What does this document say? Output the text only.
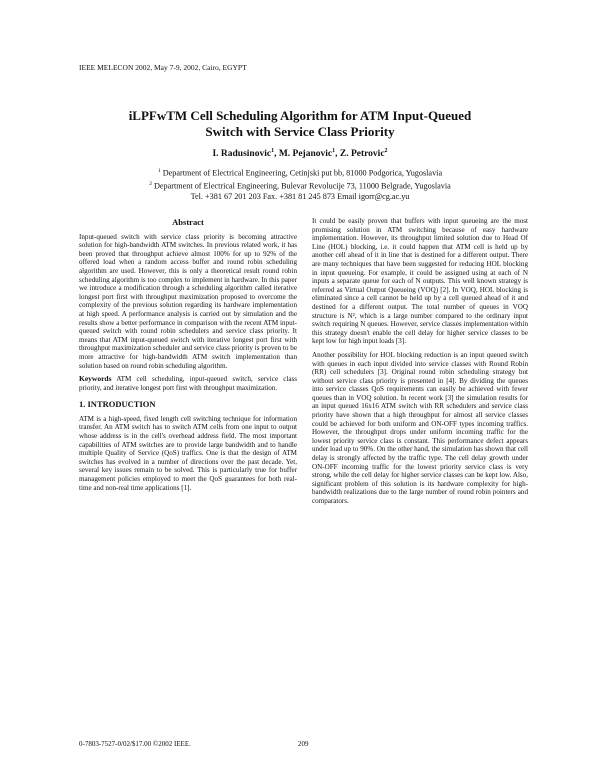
IEEE MELECON 2002, May 7-9, 2002, Cairo, EGYPT
iLPFwTM Cell Scheduling Algorithm for ATM Input-Queued
Switch with Service Class Priority
I. Radusinovic$^1$, M. Pejanovic$^1$, Z. Petrovic$^2$
$^1$ Department of Electrical Engineering, Cetinjski put bb, 81000 Podgorica, Yugoslavia
$^2$ Department of Electrical Engineering, Bulevar Revolucije 73, 11000 Belgrade, Yugoslavia
Tel. +381 67 201 203 Fax. +381 81 245 873 Email igorr@cg.ac.yu
Abstract

Input-queued switch with service class priority is becoming attractive solution for high-bandwidth ATM switches. In previous related work, it has been proved that throughput achieve almost 100% for up to 92% of the offered load when a random access buffer and round robin scheduling algorithm are used. However, this is only a theoretical result round robin scheduling algorithm is too complex to implement in hardware. In this paper we introduce a modification through a scheduling algorithm called iterative longest port first with throughput maximization proposed to overcome the complexity of the previous solution regarding its hardware implementation at high speed. A performance analysis is carried out by simulation and the results show a better performance in comparison with the recent ATM input-queued switch with round robin schedulers and service class priority. It means that ATM input-queued switch with iterative longest port first with throughput maximization scheduler and service class priority is proven to be more attractive for high-bandwidth ATM switch implementation than solution based on round robin scheduling algorithm.

Keywords ATM cell scheduling, input-queued switch, service class priority, and iterative longest port first with throughput maximization.

1. INTRODUCTION

ATM is a high-speed, fixed length cell switching technique for information transfer. An ATM switch has to switch ATM cells from one input to output whose address is in the cell's overhead address field. The most important capabilities of ATM switches are to provide large bandwidth and to handle multiple Quality of Service (QoS) traffics. One is that the design of ATM switches has evolved in a number of directions over the past decade. Yet, several key issues remain to be solved. This is particularly true for buffer management policies employed to meet the QoS guarantees for both real-time and non-real time applications [1].

It could be easily proven that buffers with input queueing are the most promising solution in ATM switching because of easy hardware implementation. However, its throughput limited solution due to Head Of Line (HOL) blocking, i.e. it could happen that ATM cell is held up by another cell ahead of it in line that is destined for a different output. There are many techniques that have been suggested for reducing HOL blocking in input queueing. For example, it could be assigned using at each of N inputs a separate queue for each of N outputs. This well known strategy is referred as Virtual Output Queueing (VOQ) [2]. In VOQ, HOL blocking is eliminated since a cell cannot be held up by a cell queued ahead of it and destined for a different output. The total number of queues in VOQ structure is N², which is a large number compared to the ordinary input switch requiring N queues. However, service classes implementation within this strategy doesn't enable the cell delay for higher service classes to be kept low for high input loads [3].

Another possibility for HOL blocking reduction is an input queued switch with queues in each input divided into service classes with Round Robin (RR) cell schedulers [3]. Original round robin scheduling strategy but without service class priority is presented in [4]. By dividing the queues into service classes QoS requirements can easily be achieved with fewer queues than in VOQ solution. In recent work [3] the simulation results for an input queued 16x16 ATM switch with RR schedulers and service class priority have shown that a high throughput for almost all service classes could be achieved for both uniform and ON-OFF types incoming traffics. However, the throughput drops under uniform incoming traffic for the lowest priority service class is constant. This performance defect appears under load up to 90%. On the other hand, the simulation has shown that cell delay is strongly affected by the traffic type. The cell delay growth under ON-OFF incoming traffic for the lowest priority service class is very strong, while the cell delay for higher service classes can be kept low. Also, significant problem of this solution is its hardware complexity for high-bandwidth realizations due to the large number of round robin pointers and comparators.

0-7803-7527-0/02/$17.00 ©2002 IEEE.	209
